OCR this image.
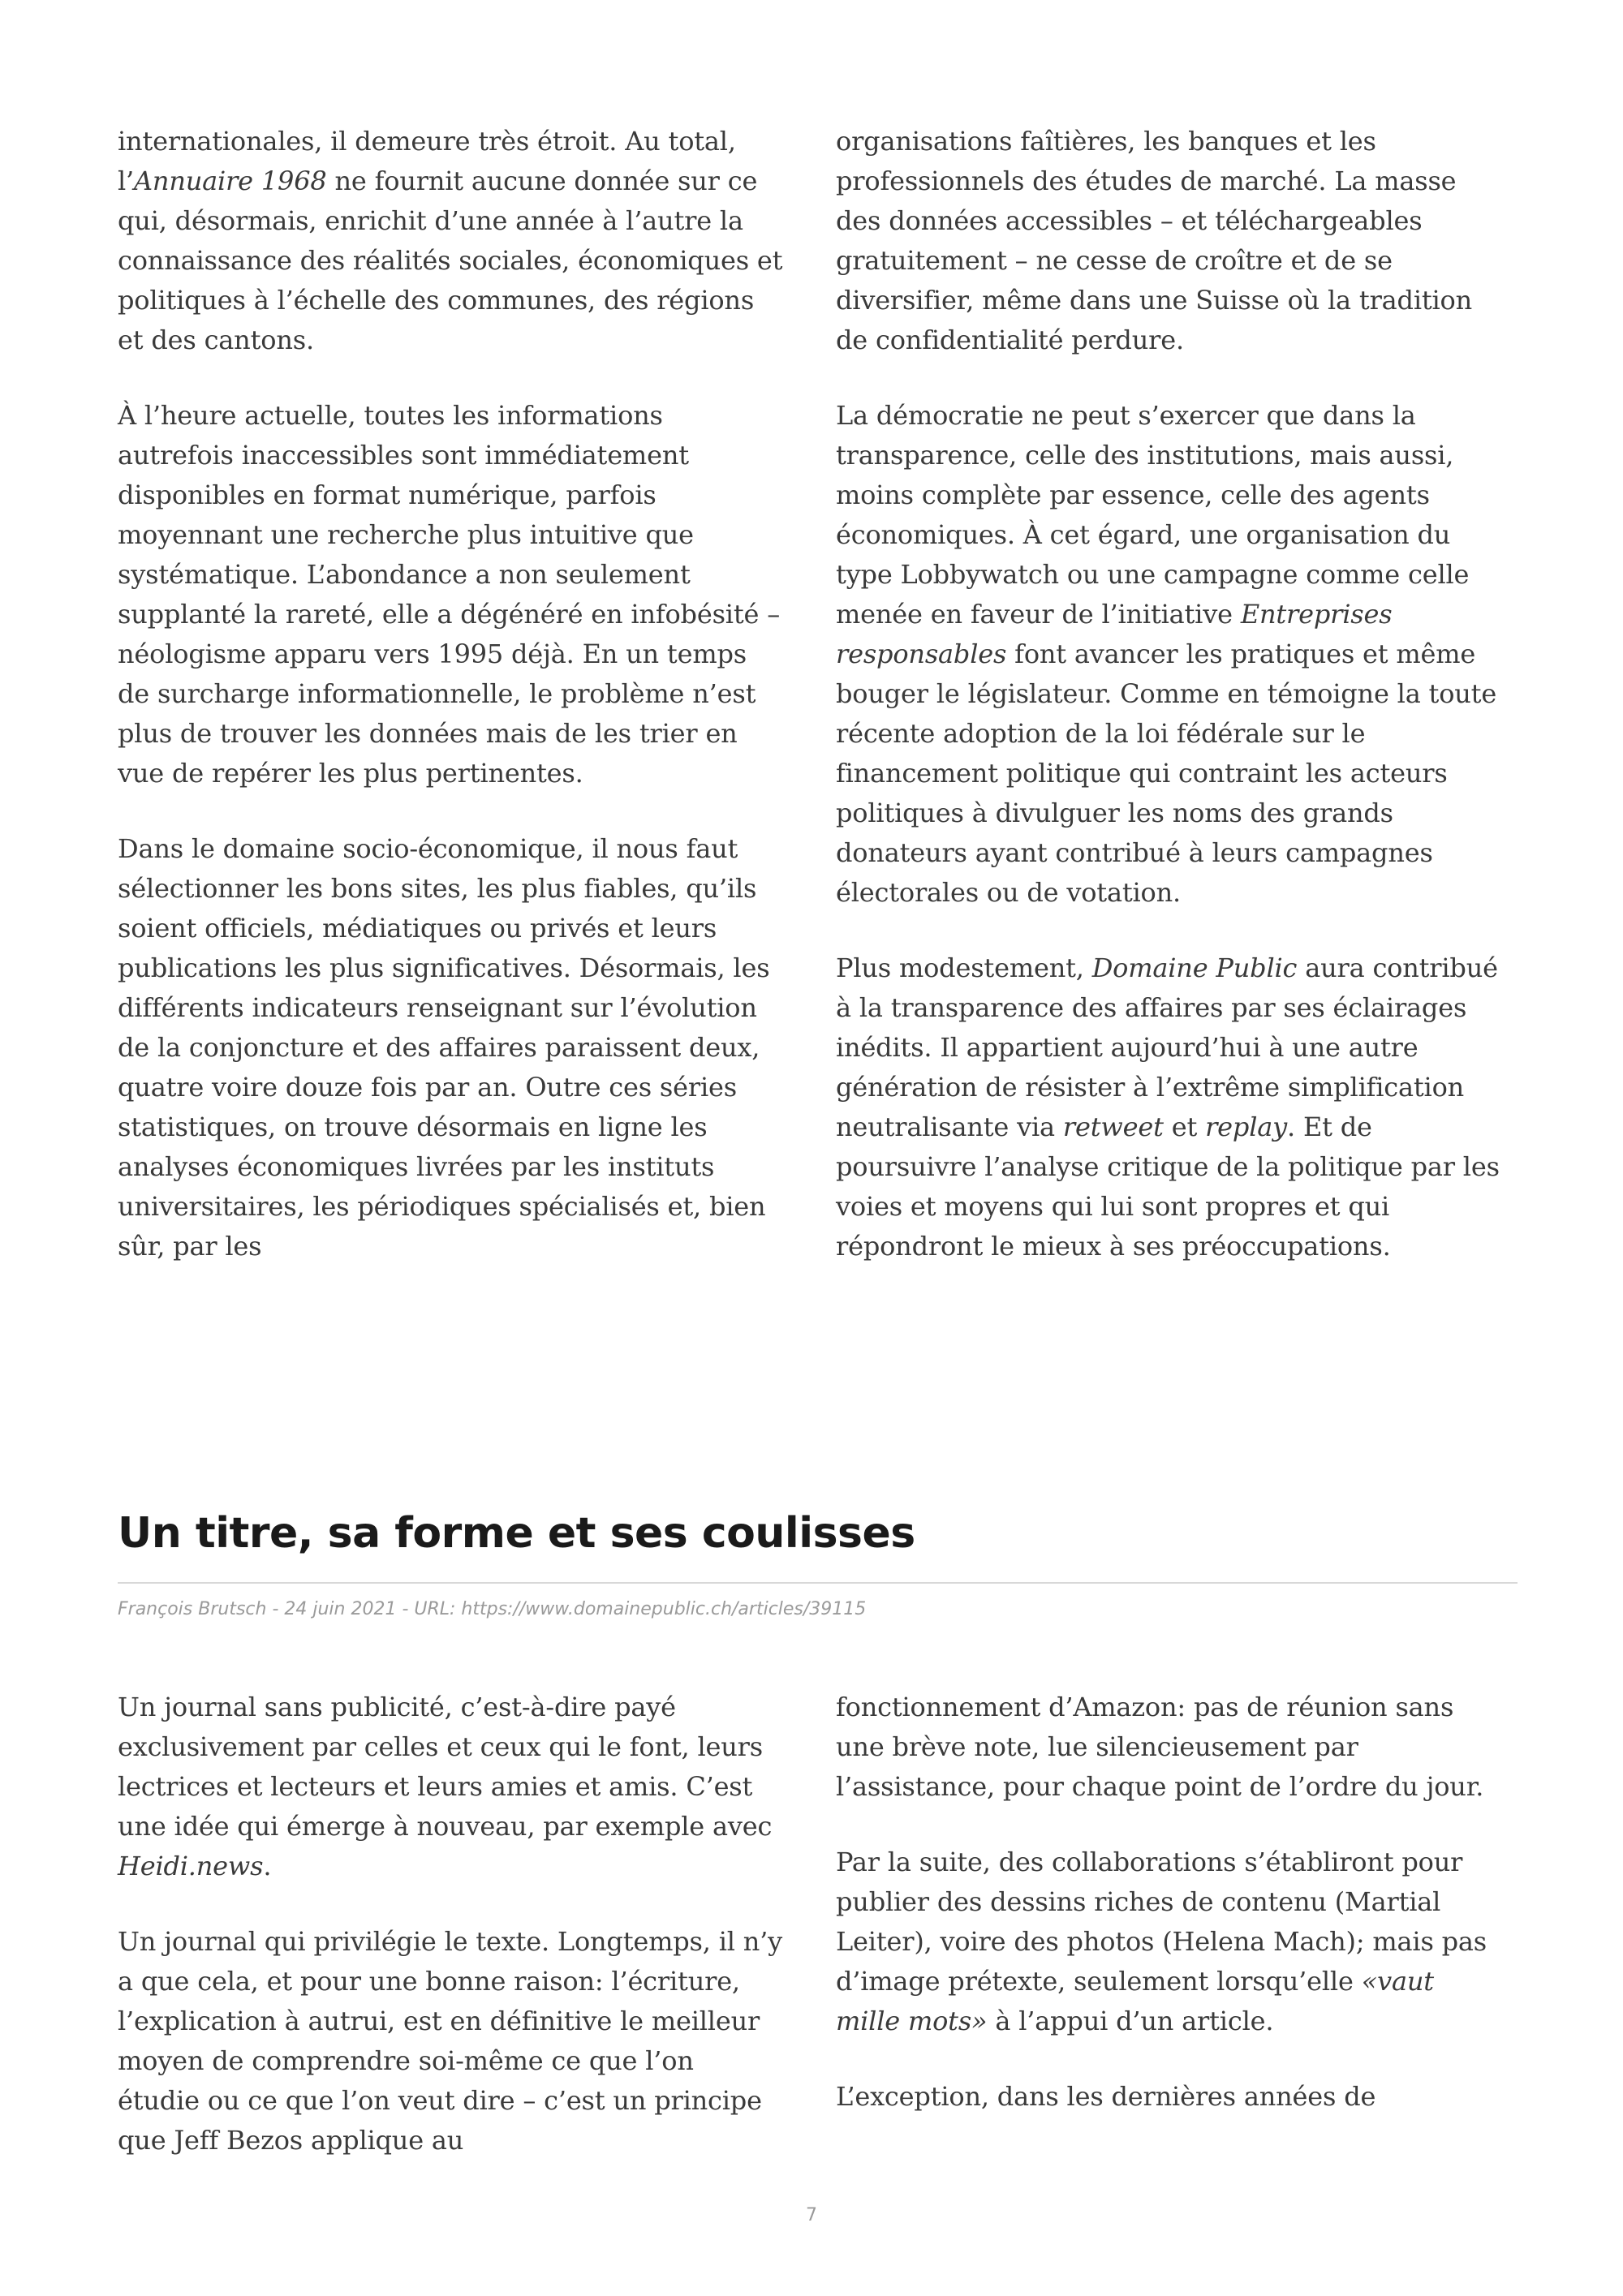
internationales, il demeure très étroit. Au total, l’Annuaire 1968 ne fournit aucune donnée sur ce qui, désormais, enrichit d’une année à l’autre la connaissance des réalités sociales, économiques et politiques à l’échelle des communes, des régions et des cantons.

À l’heure actuelle, toutes les informations autrefois inaccessibles sont immédiatement disponibles en format numérique, parfois moyennant une recherche plus intuitive que systématique. L’abondance a non seulement supplanté la rareté, elle a dégénéré en infobésité – néologisme apparu vers 1995 déjà. En un temps de surcharge informationnelle, le problème n’est plus de trouver les données mais de les trier en vue de repérer les plus pertinentes.

Dans le domaine socio-économique, il nous faut sélectionner les bons sites, les plus fiables, qu’ils soient officiels, médiatiques ou privés et leurs publications les plus significatives. Désormais, les différents indicateurs renseignant sur l’évolution de la conjoncture et des affaires paraissent deux, quatre voire douze fois par an. Outre ces séries statistiques, on trouve désormais en ligne les analyses économiques livrées par les instituts universitaires, les périodiques spécialisés et, bien sûr, par les

organisations faîtières, les banques et les professionnels des études de marché. La masse des données accessibles – et téléchargeables gratuitement – ne cesse de croître et de se diversifier, même dans une Suisse où la tradition de confidentialité perdure.

La démocratie ne peut s’exercer que dans la transparence, celle des institutions, mais aussi, moins complète par essence, celle des agents économiques. À cet égard, une organisation du type Lobbywatch ou une campagne comme celle menée en faveur de l’initiative Entreprises responsables font avancer les pratiques et même bouger le législateur. Comme en témoigne la toute récente adoption de la loi fédérale sur le financement politique qui contraint les acteurs politiques à divulguer les noms des grands donateurs ayant contribué à leurs campagnes électorales ou de votation.

Plus modestement, Domaine Public aura contribué à la transparence des affaires par ses éclairages inédits. Il appartient aujourd’hui à une autre génération de résister à l’extrême simplification neutralisante via retweet et replay. Et de poursuivre l’analyse critique de la politique par les voies et moyens qui lui sont propres et qui répondront le mieux à ses préoccupations.

Un titre, sa forme et ses coulisses
François Brutsch - 24 juin 2021 - URL: https://www.domainepublic.ch/articles/39115

Un journal sans publicité, c’est-à-dire payé exclusivement par celles et ceux qui le font, leurs lectrices et lecteurs et leurs amies et amis. C’est une idée qui émerge à nouveau, par exemple avec Heidi.news.

Un journal qui privilégie le texte. Longtemps, il n’y a que cela, et pour une bonne raison: l’écriture, l’explication à autrui, est en définitive le meilleur moyen de comprendre soi-même ce que l’on étudie ou ce que l’on veut dire – c’est un principe que Jeff Bezos applique au

fonctionnement d’Amazon: pas de réunion sans une brève note, lue silencieusement par l’assistance, pour chaque point de l’ordre du jour.

Par la suite, des collaborations s’établiront pour publier des dessins riches de contenu (Martial Leiter), voire des photos (Helena Mach); mais pas d’image prétexte, seulement lorsqu’elle «vaut mille mots» à l’appui d’un article.

L’exception, dans les dernières années de

7
